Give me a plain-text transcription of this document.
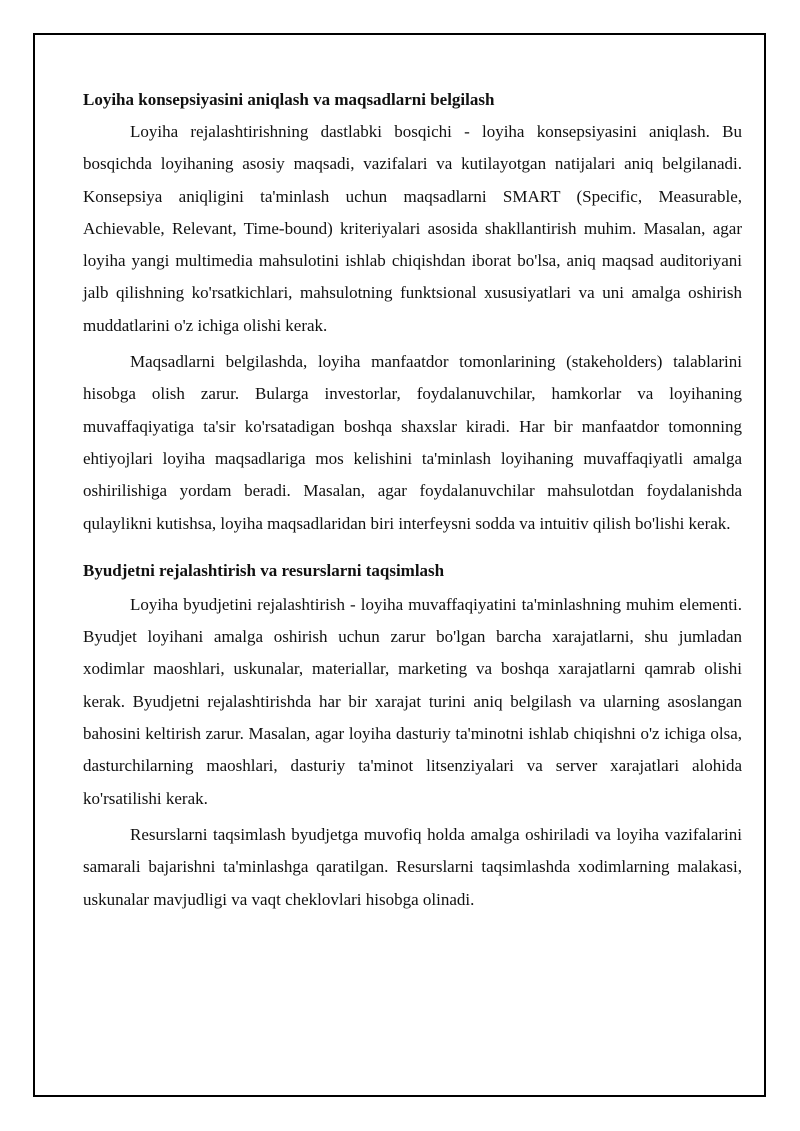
Loyiha konsepsiyasini aniqlash va maqsadlarni belgilash

Loyiha rejalashtirishning dastlabki bosqichi - loyiha konsepsiyasini aniqlash. Bu bosqichda loyihaning asosiy maqsadi, vazifalari va kutilayotgan natijalari aniq belgilanadi. Konsepsiya aniqligini ta'minlash uchun maqsadlarni SMART (Specific, Measurable, Achievable, Relevant, Time-bound) kriteriyalari asosida shakllantirish muhim. Masalan, agar loyiha yangi multimedia mahsulotini ishlab chiqishdan iborat bo'lsa, aniq maqsad auditoriyani jalb qilishning ko'rsatkichlari, mahsulotning funktsional xususiyatlari va uni amalga oshirish muddatlarini o'z ichiga olishi kerak.

Maqsadlarni belgilashda, loyiha manfaatdor tomonlarining (stakeholders) talablarini hisobga olish zarur. Bularga investorlar, foydalanuvchilar, hamkorlar va loyihaning muvaffaqiyatiga ta'sir ko'rsatadigan boshqa shaxslar kiradi. Har bir manfaatdor tomonning ehtiyojlari loyiha maqsadlariga mos kelishini ta'minlash loyihaning muvaffaqiyatli amalga oshirilishiga yordam beradi. Masalan, agar foydalanuvchilar mahsulotdan foydalanishda qulaylikni kutishsa, loyiha maqsadlaridan biri interfeysni sodda va intuitiv qilish bo'lishi kerak.

Byudjetni rejalashtirish va resurslarni taqsimlash

Loyiha byudjetini rejalashtirish - loyiha muvaffaqiyatini ta'minlashning muhim elementi. Byudjet loyihani amalga oshirish uchun zarur bo'lgan barcha xarajatlarni, shu jumladan xodimlar maoshlari, uskunalar, materiallar, marketing va boshqa xarajatlarni qamrab olishi kerak. Byudjetni rejalashtirishda har bir xarajat turini aniq belgilash va ularning asoslangan bahosini keltirish zarur. Masalan, agar loyiha dasturiy ta'minotni ishlab chiqishni o'z ichiga olsa, dasturchilarning maoshlari, dasturiy ta'minot litsenziyalari va server xarajatlari alohida ko'rsatilishi kerak.

Resurslarni taqsimlash byudjetga muvofiq holda amalga oshiriladi va loyiha vazifalarini samarali bajarishni ta'minlashga qaratilgan. Resurslarni taqsimlashda xodimlarning malakasi, uskunalar mavjudligi va vaqt cheklovlari hisobga olinadi.
